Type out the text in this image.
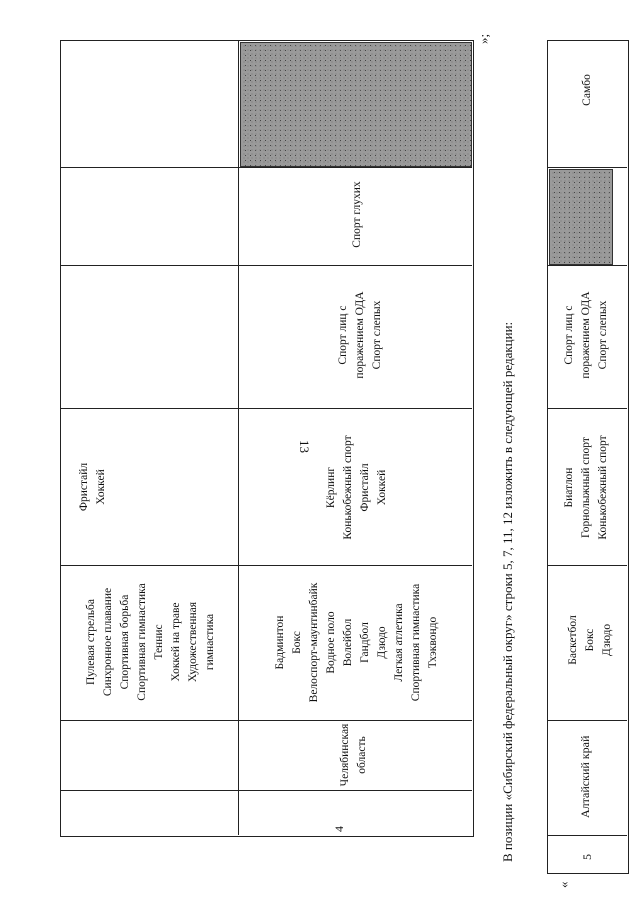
13
Пулевая стрельба Синхронное плавание Спортивная борьба Спортивная гимнастика Теннис Хоккей на траве Художественная гимнастика
Фристайл Хоккей
4
Челябинская область
Бадминтон Бокс Велоспорт-маунтинбайк Водное поло Волейбол Гандбол Дзюдо Легкая атлетика Спортивная гимнастика Тхэквондо
Кёрлинг Конькобежный спорт Фристайл Хоккей
Спорт лиц с поражением ОДА Спорт слепых
Спорт глухих
»;
В позиции «Сибирский федеральный округ» строки 5, 7, 11, 12 изложить в следующей редакции:
«
5
Алтайский край
Баскетбол Бокс Дзюдо
Биатлон Горнолыжный спорт Конькобежный спорт
Спорт лиц с поражением ОДА Спорт слепых
Самбо
